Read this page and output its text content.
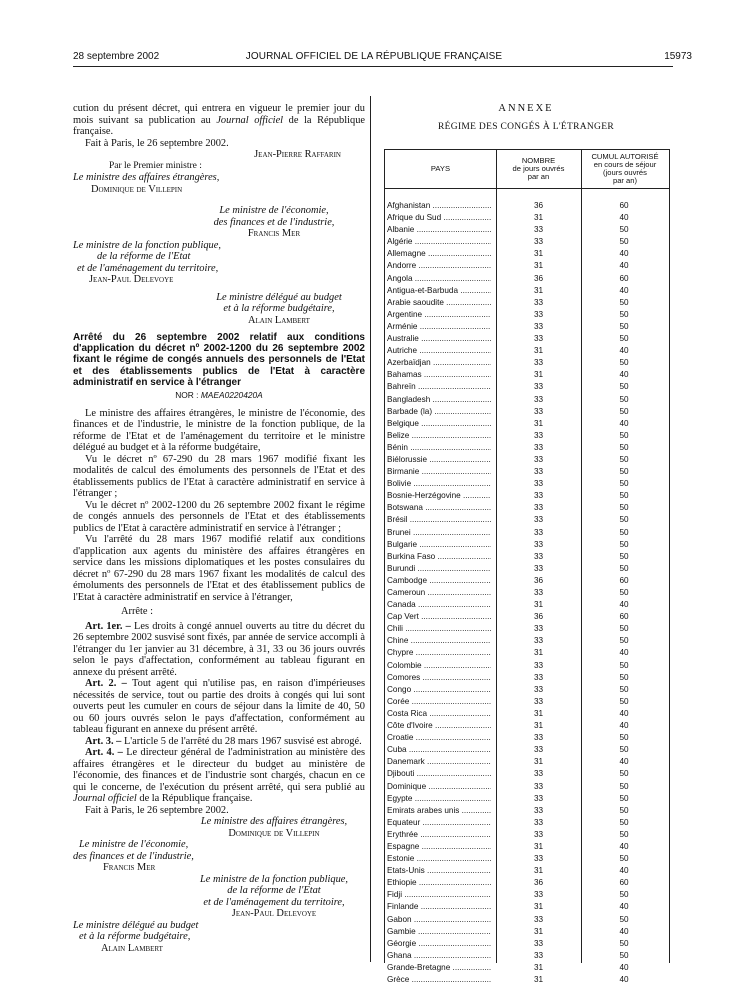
28 septembre 2002	JOURNAL OFFICIEL DE LA RÉPUBLIQUE FRANÇAISE	15973

cution du présent décret, qui entrera en vigueur le premier jour du mois suivant sa publication au Journal officiel de la République française.

Fait à Paris, le 26 septembre 2002.

Jean-Pierre Raffarin

Par le Premier ministre :

Le ministre des affaires étrangères,

Dominique de Villepin

Le ministre de l'économie,

des finances et de l'industrie,

Francis Mer

Le ministre de la fonction publique,

de la réforme de l'Etat

et de l'aménagement du territoire,

Jean-Paul Delevoye

Le ministre délégué au budget

et à la réforme budgétaire,

Alain Lambert

Arrêté du 26 septembre 2002 relatif aux conditions d'application du décret nº 2002-1200 du 26 septembre 2002 fixant le régime de congés annuels des personnels de l'Etat et des établissements publics de l'Etat à caractère administratif en service à l'étranger

NOR : MAEA0220420A

Le ministre des affaires étrangères, le ministre de l'économie, des finances et de l'industrie, le ministre de la fonction publique, de la réforme de l'Etat et de l'aménagement du territoire et le ministre délégué au budget et à la réforme budgétaire,

Vu le décret nº 67-290 du 28 mars 1967 modifié fixant les modalités de calcul des émoluments des personnels de l'Etat et des établissements publics de l'Etat à caractère administratif en service à l'étranger ;

Vu le décret nº 2002-1200 du 26 septembre 2002 fixant le régime de congés annuels des personnels de l'Etat et des établissements publics de l'Etat à caractère administratif en service à l'étranger ;

Vu l'arrêté du 28 mars 1967 modifié relatif aux conditions d'application aux agents du ministère des affaires étrangères en service dans les missions diplomatiques et les postes consulaires du décret nº 67-290 du 28 mars 1967 fixant les modalités de calcul des émoluments des personnels de l'Etat et des établissement publics de l'Etat à caractère administratif en service à l'étranger,

Arrête :

Art. 1er. – Les droits à congé annuel ouverts au titre du décret du 26 septembre 2002 susvisé sont fixés, par année de service accompli à l'étranger du 1er janvier au 31 décembre, à 31, 33 ou 36 jours ouvrés selon le pays d'affectation, conformément au tableau figurant en annexe du présent arrêté.

Art. 2. – Tout agent qui n'utilise pas, en raison d'impérieuses nécessités de service, tout ou partie des droits à congés qui lui sont ouverts peut les cumuler en cours de séjour dans la limite de 40, 50 ou 60 jours ouvrés selon le pays d'affectation, conformément au tableau figurant en annexe du présent arrêté.

Art. 3. – L'article 5 de l'arrêté du 28 mars 1967 susvisé est abrogé.

Art. 4. – Le directeur général de l'administration au ministère des affaires étrangères et le directeur du budget au ministère de l'économie, des finances et de l'industrie sont chargés, chacun en ce qui le concerne, de l'exécution du présent arrêté, qui sera publié au Journal officiel de la République française.

Fait à Paris, le 26 septembre 2002.

Le ministre des affaires étrangères,

Dominique de Villepin

Le ministre de l'économie,

des finances et de l'industrie,

Francis Mer

Le ministre de la fonction publique,

de la réforme de l'Etat

et de l'aménagement du territoire,

Jean-Paul Delevoye

Le ministre délégué au budget

et à la réforme budgétaire,

Alain Lambert

ANNEXE
RÉGIME DES CONGÉS À L'ÉTRANGER
PAYS
NOMBRE
de jours ouvrés
par an
CUMUL AUTORISÉ
en cours de séjour
(jours ouvrés
par an)
Afghanistan .....	36	60
Afrique du Sud .....	31	40
Albanie .....	33	50
Algérie .....	33	50
Allemagne .....	31	40
Andorre .....	31	40
Angola .....	36	60
Antigua-et-Barbuda .....	31	40
Arabie saoudite .....	33	50
Argentine .....	33	50
Arménie .....	33	50
Australie .....	33	50
Autriche .....	31	40
Azerbaïdjan .....	33	50
Bahamas .....	31	40
Bahreïn .....	33	50
Bangladesh .....	33	50
Barbade (la) .....	33	50
Belgique .....	31	40
Belize .....	33	50
Bénin .....	33	50
Biélorussie .....	33	50
Birmanie .....	33	50
Bolivie .....	33	50
Bosnie-Herzégovine .....	33	50
Botswana .....	33	50
Brésil .....	33	50
Brunei .....	33	50
Bulgarie .....	33	50
Burkina Faso .....	33	50
Burundi .....	33	50
Cambodge .....	36	60
Cameroun .....	33	50
Canada .....	31	40
Cap Vert .....	36	60
Chili .....	33	50
Chine .....	33	50
Chypre .....	31	40
Colombie .....	33	50
Comores .....	33	50
Congo .....	33	50
Corée .....	33	50
Costa Rica .....	31	40
Côte d'Ivoire .....	31	40
Croatie .....	33	50
Cuba .....	33	50
Danemark .....	31	40
Djibouti .....	33	50
Dominique .....	33	50
Egypte .....	33	50
Emirats arabes unis .....	33	50
Equateur .....	33	50
Erythrée .....	33	50
Espagne .....	31	40
Estonie .....	33	50
Etats-Unis .....	31	40
Ethiopie .....	36	60
Fidji .....	33	50
Finlande .....	31	40
Gabon .....	33	50
Gambie .....	31	40
Géorgie .....	33	50
Ghana .....	33	50
Grande-Bretagne .....	31	40
Grèce .....	31	40
